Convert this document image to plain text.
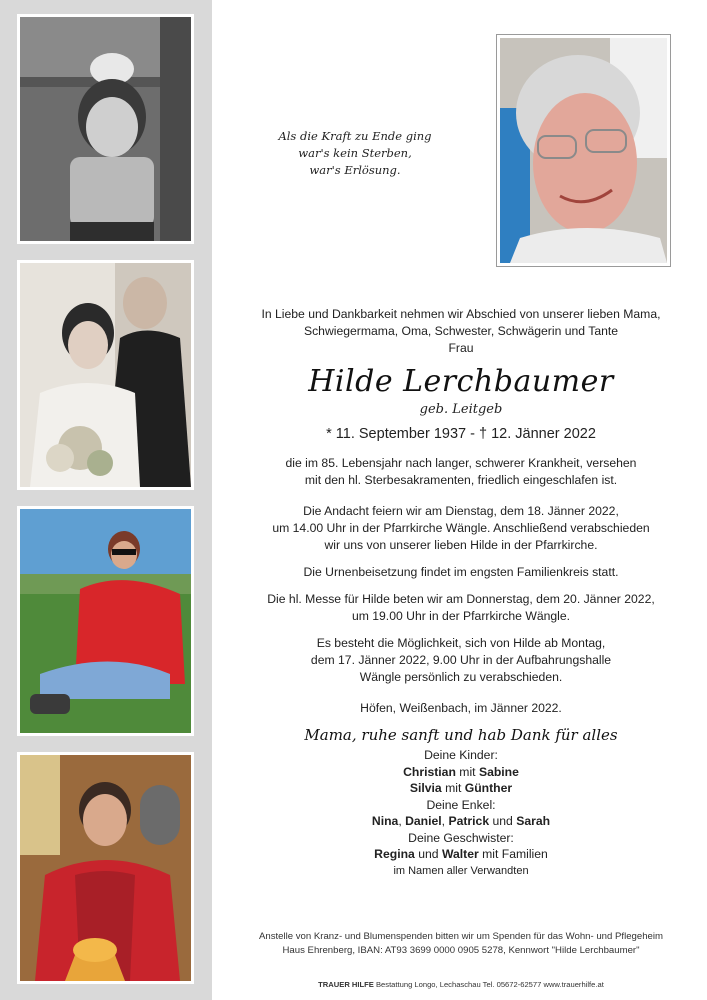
Als die Kraft zu Ende ging
war's kein Sterben,
war's Erlösung.

In Liebe und Dankbarkeit nehmen wir Abschied von unserer lieben Mama,

Schwiegermama, Oma, Schwester, Schwägerin und Tante

Frau

Hilde Lerchbaumer
geb. Leitgeb
* 11. September 1937 - † 12. Jänner 2022

die im 85. Lebensjahr nach langer, schwerer Krankheit, versehen

mit den hl. Sterbesakramenten, friedlich eingeschlafen ist.

Die Andacht feiern wir am Dienstag, dem 18. Jänner 2022,

um 14.00 Uhr in der Pfarrkirche Wängle. Anschließend verabschieden

wir uns von unserer lieben Hilde in der Pfarrkirche.

Die Urnenbeisetzung findet im engsten Familienkreis statt.

Die hl. Messe für Hilde beten wir am Donnerstag, dem 20. Jänner 2022,

um 19.00 Uhr in der Pfarrkirche Wängle.

Es besteht die Möglichkeit, sich von Hilde ab Montag,

dem 17. Jänner 2022, 9.00 Uhr in der Aufbahrungshalle

Wängle persönlich zu verabschieden.

Höfen, Weißenbach, im Jänner 2022.

Mama, ruhe sanft und hab Dank für alles
Deine Kinder:
Christian mit Sabine
Silvia mit Günther
Deine Enkel:
Nina, Daniel, Patrick und Sarah
Deine Geschwister:
Regina und Walter mit Familien
im Namen aller Verwandten
Anstelle von Kranz- und Blumenspenden bitten wir um Spenden für das Wohn- und Pflegeheim
Haus Ehrenberg, IBAN: AT93 3699 0000 0905 5278, Kennwort "Hilde Lerchbaumer"
TRAUER HILFE Bestattung Longo, Lechaschau Tel. 05672-62577 www.trauerhilfe.at
